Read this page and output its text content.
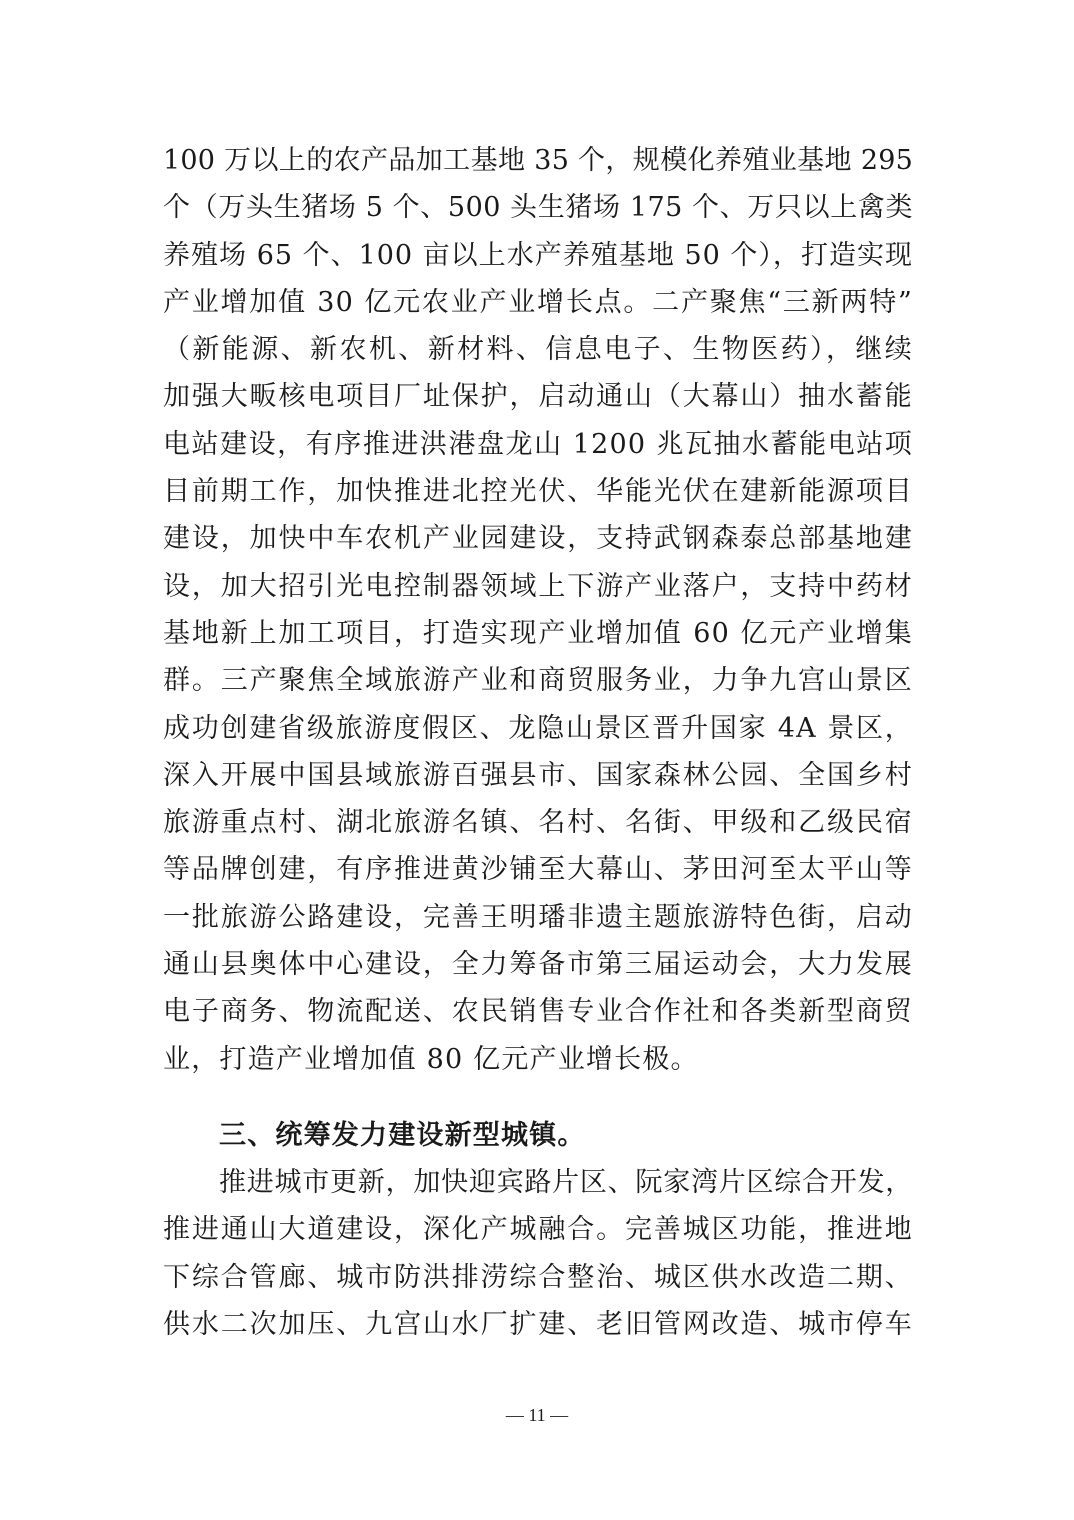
100 万以上的农产品加工基地 35 个，规模化养殖业基地 295
个（万头生猪场 5 个、500 头生猪场 175 个、万只以上禽类
养殖场 65 个、100 亩以上水产养殖基地 50 个），打造实现
产业增加值 30 亿元农业产业增长点。二产聚焦“三新两特”
（新能源、新农机、新材料、信息电子、生物医药），继续
加强大畈核电项目厂址保护，启动通山（大幕山）抽水蓄能
电站建设，有序推进洪港盘龙山 1200 兆瓦抽水蓄能电站项
目前期工作，加快推进北控光伏、华能光伏在建新能源项目
建设，加快中车农机产业园建设，支持武钢森泰总部基地建
设，加大招引光电控制器领域上下游产业落户，支持中药材
基地新上加工项目，打造实现产业增加值 60 亿元产业增集
群。三产聚焦全域旅游产业和商贸服务业，力争九宫山景区
成功创建省级旅游度假区、龙隐山景区晋升国家 4A 景区，
深入开展中国县域旅游百强县市、国家森林公园、全国乡村
旅游重点村、湖北旅游名镇、名村、名街、甲级和乙级民宿
等品牌创建，有序推进黄沙铺至大幕山、茅田河至太平山等
一批旅游公路建设，完善王明璠非遗主题旅游特色街，启动
通山县奥体中心建设，全力筹备市第三届运动会，大力发展
电子商务、物流配送、农民销售专业合作社和各类新型商贸
业，打造产业增加值 80 亿元产业增长极。
三、统筹发力建设新型城镇。
推进城市更新，加快迎宾路片区、阮家湾片区综合开发，
推进通山大道建设，深化产城融合。完善城区功能，推进地
下综合管廊、城市防洪排涝综合整治、城区供水改造二期、
供水二次加压、九宫山水厂扩建、老旧管网改造、城市停车
— 11 —
